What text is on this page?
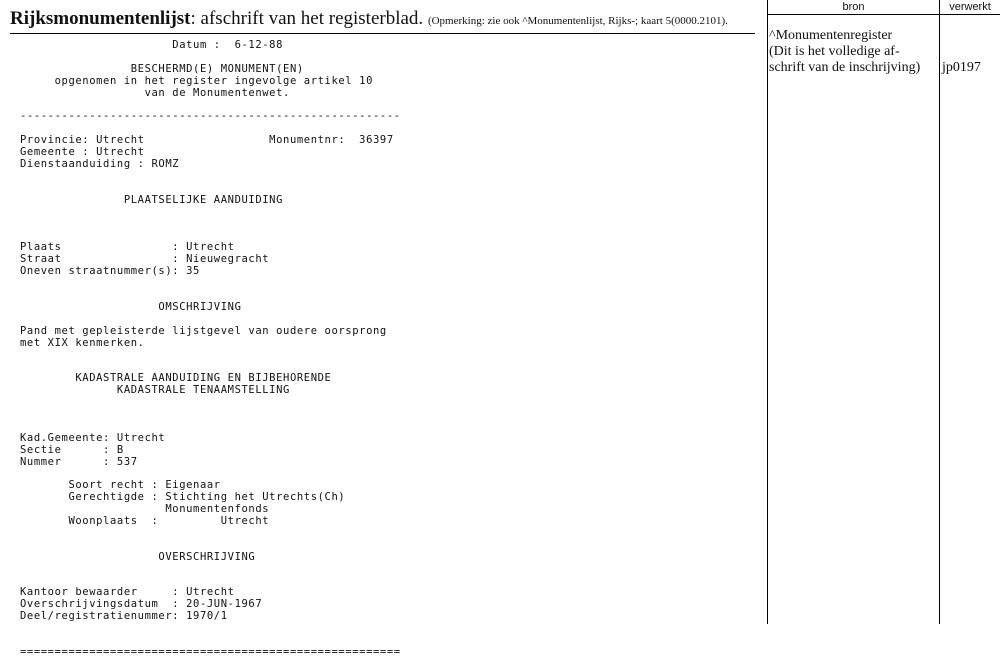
Rijksmonumentenlijst: afschrift van het registerblad. (Opmerking: zie ook ^Monumentenlijst, Rijks-; kaart 5(0000.2101).
Datum :  6-12-88
BESCHERMD(E) MONUMENT(EN)
opgenomen in het register ingevolge artikel 10
van de Monumentenwet.
-------------------------------------------------------
Provincie: Utrecht                  Monumentnr:  36397
Gemeente : Utrecht
Dienstaanduiding : ROMZ
PLAATSELIJKE AANDUIDING
Plaats                : Utrecht
Straat                : Nieuwegracht
Oneven straatnummer(s): 35
OMSCHRIJVING
Pand met gepleisterde lijstgevel van oudere oorsprong
met XIX kenmerken.
KADASTRALE AANDUIDING EN BIJBEHORENDE
KADASTRALE TENAAMSTELLING
Kad.Gemeente: Utrecht
Sectie      : B
Nummer      : 537
Soort recht : Eigenaar
Gerechtigde : Stichting het Utrechts(Ch)
Monumentenfonds
Woonplaats  :         Utrecht
OVERSCHRIJVING
Kantoor bewaarder     : Utrecht
Overschrijvingsdatum  : 20-JUN-1967
Deel/registratienummer: 1970/1
=======================================================
bron	verwerkt
^Monumentenregister
(Dit is het volledige af-
schrift van de inschrijving)	jp0197
